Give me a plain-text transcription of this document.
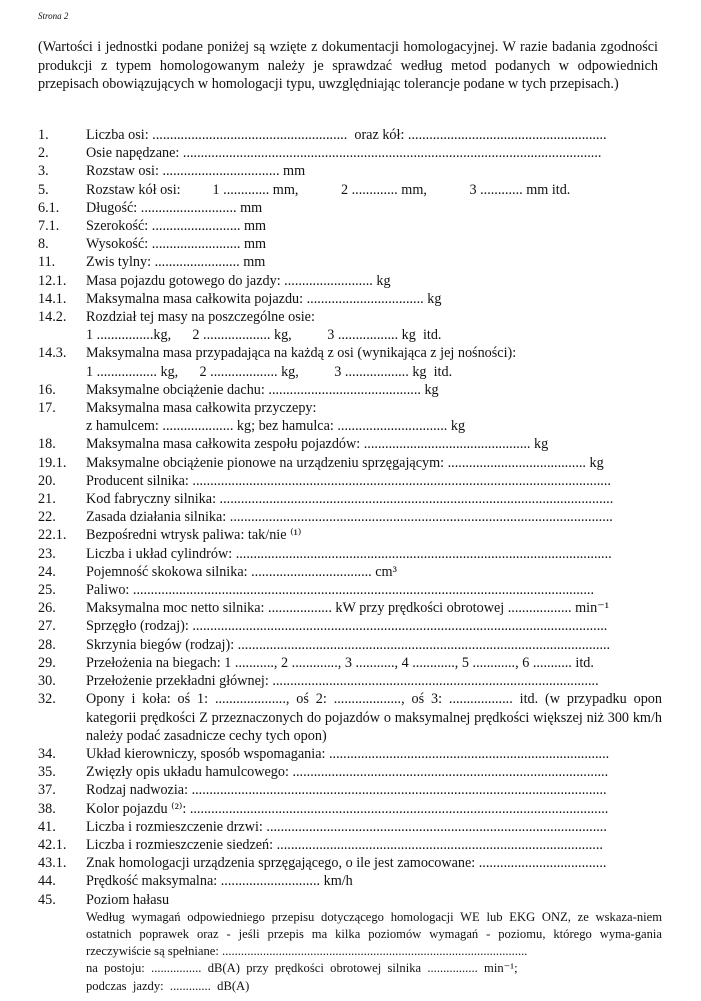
Strona 2

(Wartości i jednostki podane poniżej są wzięte z dokumentacji homologacyjnej. W razie badania zgodności produkcji z typem homologowanym należy je sprawdzać według metod podanych w odpowiednich przepisach obowiązujących w homologacji typu, uwzględniając tolerancje podane w tych przepisach.)

1.	Liczba osi: .......................................................  oraz kół: ........................................................
2.	Osie napędzane: ......................................................................................................................
3.	Rozstaw osi: ................................. mm
5.	Rozstaw kół osi:         1 ............. mm,            2 ............. mm,            3 ............ mm itd.
6.1.	Długość: ........................... mm
7.1.	Szerokość: ......................... mm
8.	Wysokość: ......................... mm
11.	Zwis tylny: ........................ mm
12.1.	Masa pojazdu gotowego do jazdy: ......................... kg
14.1.	Maksymalna masa całkowita pojazdu: ................................. kg
14.2.	Rozdział tej masy na poszczególne osie:
1 ................kg,      2 ................... kg,          3 ................. kg  itd.
14.3.	Maksymalna masa przypadająca na każdą z osi (wynikająca z jej nośności):
1 ................. kg,      2 ................... kg,          3 .................. kg  itd.
16.	Maksymalne obciążenie dachu: ........................................... kg
17.	Maksymalna masa całkowita przyczepy:
z hamulcem: .................... kg; bez hamulca: ............................... kg
18.	Maksymalna masa całkowita zespołu pojazdów: ............................................... kg
19.1.	Maksymalne obciążenie pionowe na urządzeniu sprzęgającym: ....................................... kg
20.	Producent silnika: ......................................................................................................................
21.	Kod fabryczny silnika: ...............................................................................................................
22.	Zasada działania silnika: ............................................................................................................
22.1.	Bezpośredni wtrysk paliwa: tak/nie ⁽¹⁾
23.	Liczba i układ cylindrów: ..........................................................................................................
24.	Pojemność skokowa silnika: .................................. cm³
25.	Paliwo: ..................................................................................................................................
26.	Maksymalna moc netto silnika: .................. kW przy prędkości obrotowej .................. min⁻¹
27.	Sprzęgło (rodzaj): .....................................................................................................................
28.	Skrzynia biegów (rodzaj): .........................................................................................................
29.	Przełożenia na biegach: 1 ..........., 2 ............., 3 ..........., 4 ............, 5 ............, 6 ........... itd.
30.	Przełożenie przekładni głównej: ............................................................................................
32.	Opony i koła: oś 1: ...................., oś 2: ..................., oś 3: .................. itd. (w przypadku opon kategorii prędkości Z przeznaczonych do pojazdów o maksymalnej prędkości większej niż 300 km/h należy podać zasadnicze cechy tych opon)
34.	Układ kierowniczy, sposób wspomagania: ...............................................................................
35.	Zwięzły opis układu hamulcowego: .........................................................................................
37.	Rodzaj nadwozia: .....................................................................................................................
38.	Kolor pojazdu ⁽²⁾: ......................................................................................................................
41.	Liczba i rozmieszczenie drzwi: ................................................................................................
42.1.	Liczba i rozmieszczenie siedzeń: ............................................................................................
43.1.	Znak homologacji urządzenia sprzęgającego, o ile jest zamocowane: ....................................
44.	Prędkość maksymalna: ............................ km/h
45.	Poziom hałasu
Według wymagań odpowiedniego przepisu dotyczącego homologacji WE lub EKG ONZ, ze wskaza-niem ostatnich poprawek oraz - jeśli przepis ma kilka poziomów wymagań - poziomu, którego wyma-gania rzeczywiście są spełniane: .................................................................................................
na  postoju:  ................  dB(A)  przy  prędkości  obrotowej  silnika  ................  min⁻¹;
podczas  jazdy:  .............  dB(A)
